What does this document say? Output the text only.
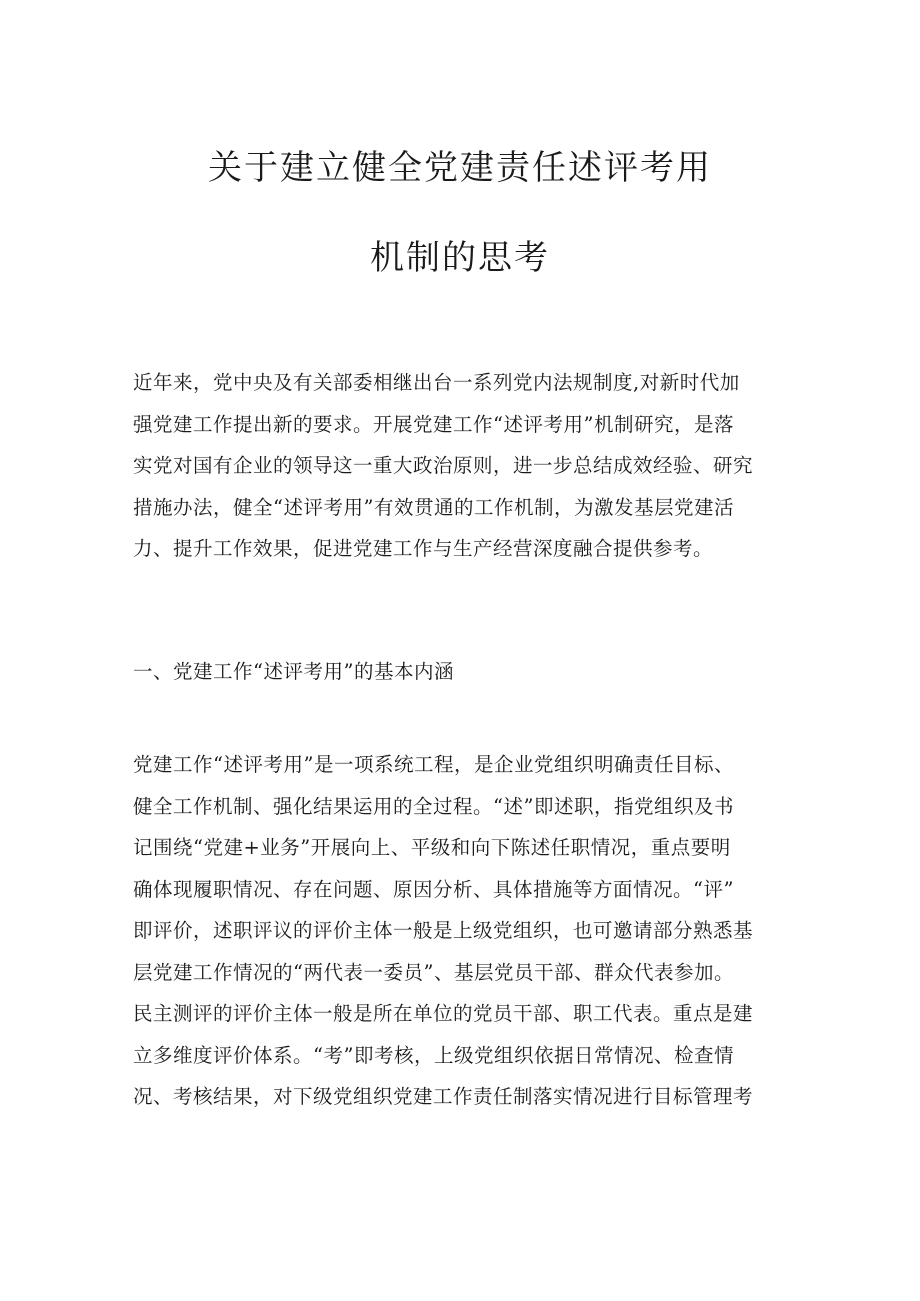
关于建立健全党建责任述评考用
机制的思考
近年来，党中央及有关部委相继出台一系列党内法规制度,对新时代加
强党建工作提出新的要求。开展党建工作“述评考用”机制研究，是落
实党对国有企业的领导这一重大政治原则，进一步总结成效经验、研究
措施办法，健全“述评考用”有效贯通的工作机制，为激发基层党建活
力、提升工作效果，促进党建工作与生产经营深度融合提供参考。
一、党建工作“述评考用”的基本内涵
党建工作“述评考用”是一项系统工程，是企业党组织明确责任目标、
健全工作机制、强化结果运用的全过程。“述”即述职，指党组织及书
记围绕“党建+业务”开展向上、平级和向下陈述任职情况，重点要明
确体现履职情况、存在问题、原因分析、具体措施等方面情况。“评”
即评价，述职评议的评价主体一般是上级党组织，也可邀请部分熟悉基
层党建工作情况的“两代表一委员”、基层党员干部、群众代表参加。
民主测评的评价主体一般是所在单位的党员干部、职工代表。重点是建
立多维度评价体系。“考”即考核，上级党组织依据日常情况、检查情
况、考核结果，对下级党组织党建工作责任制落实情况进行目标管理考
